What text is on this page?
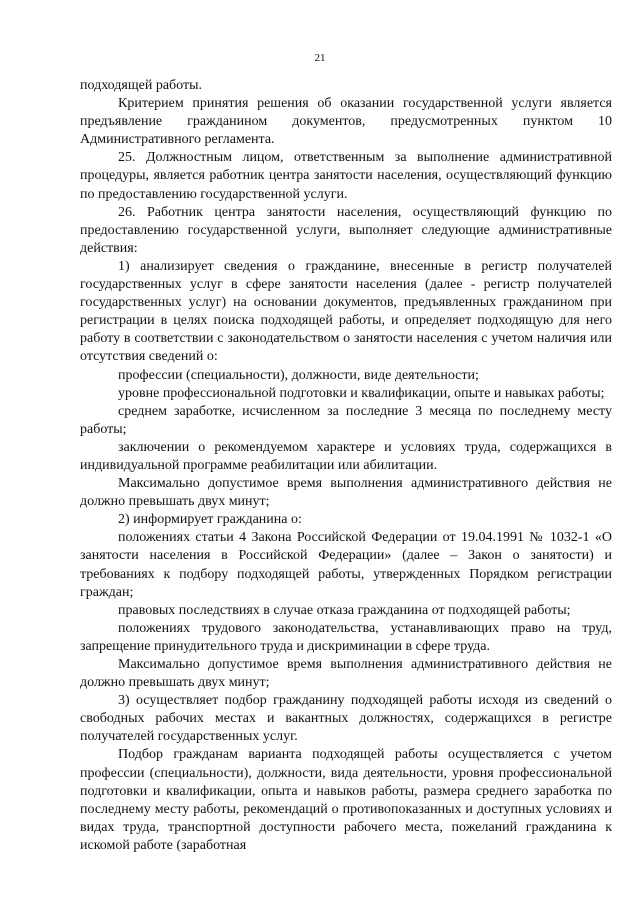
21

подходящей работы.

Критерием принятия решения об оказании государственной услуги является предъявление гражданином документов, предусмотренных пунктом 10 Административного регламента.

25. Должностным лицом, ответственным за выполнение административной процедуры, является работник центра занятости населения, осуществляющий функцию по предоставлению государственной услуги.

26. Работник центра занятости населения, осуществляющий функцию по предоставлению государственной услуги, выполняет следующие административные действия:

1) анализирует сведения о гражданине, внесенные в регистр получателей государственных услуг в сфере занятости населения (далее - регистр получателей государственных услуг) на основании документов, предъявленных гражданином при регистрации в целях поиска подходящей работы, и определяет подходящую для него работу в соответствии с законодательством о занятости населения с учетом наличия или отсутствия сведений о:

профессии (специальности), должности, виде деятельности;

уровне профессиональной подготовки и квалификации, опыте и навыках работы;

среднем заработке, исчисленном за последние 3 месяца по последнему месту работы;

заключении о рекомендуемом характере и условиях труда, содержащихся в индивидуальной программе реабилитации или абилитации.

Максимально допустимое время выполнения административного действия не должно превышать двух минут;

2) информирует гражданина о:

положениях статьи 4 Закона Российской Федерации от 19.04.1991 № 1032-1 «О занятости населения в Российской Федерации» (далее – Закон о занятости) и требованиях к подбору подходящей работы, утвержденных Порядком регистрации граждан;

правовых последствиях в случае отказа гражданина от подходящей работы;

положениях трудового законодательства, устанавливающих право на труд, запрещение принудительного труда и дискриминации в сфере труда.

Максимально допустимое время выполнения административного действия не должно превышать двух минут;

3) осуществляет подбор гражданину подходящей работы исходя из сведений о свободных рабочих местах и вакантных должностях, содержащихся в регистре получателей государственных услуг.

Подбор гражданам варианта подходящей работы осуществляется с учетом профессии (специальности), должности, вида деятельности, уровня профессиональной подготовки и квалификации, опыта и навыков работы, размера среднего заработка по последнему месту работы, рекомендаций о противопоказанных и доступных условиях и видах труда, транспортной доступности рабочего места, пожеланий гражданина к искомой работе (заработная
